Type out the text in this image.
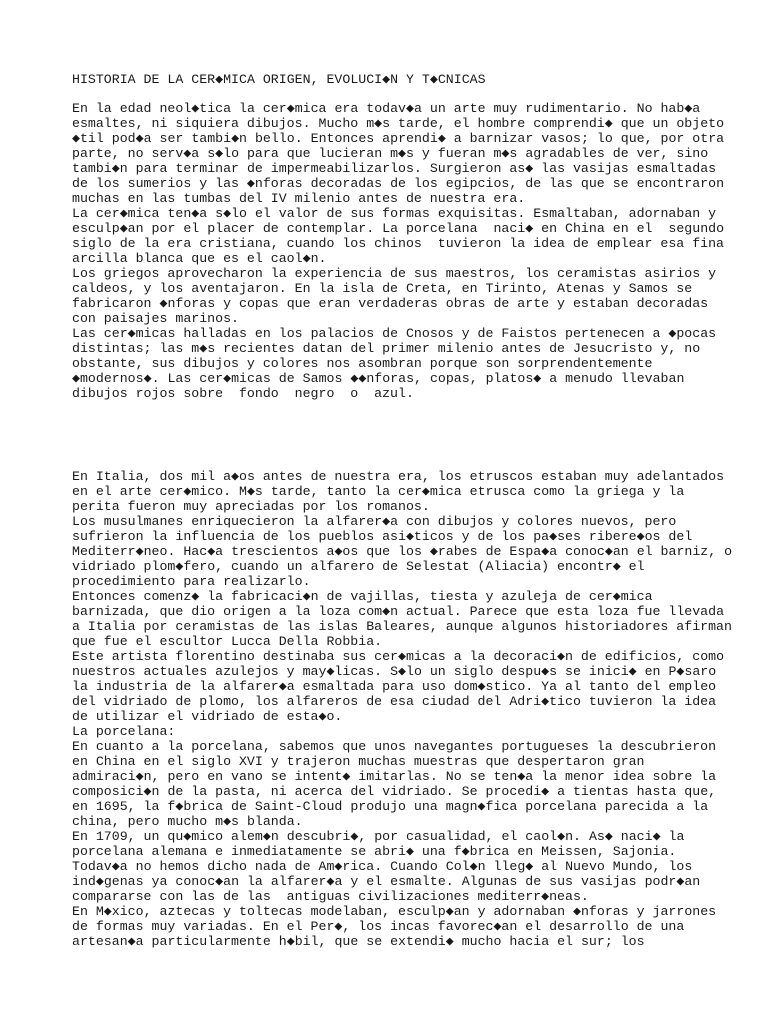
HISTORIA DE LA CER◆MICA ORIGEN, EVOLUCI◆N Y T◆CNICAS

En la edad neol◆tica la cer◆mica era todav◆a un arte muy rudimentario. No hab◆a
esmaltes, ni siquiera dibujos. Mucho m◆s tarde, el hombre comprendi◆ que un objeto
◆til pod◆a ser tambi◆n bello. Entonces aprendi◆ a barnizar vasos; lo que, por otra
parte, no serv◆a s◆lo para que lucieran m◆s y fueran m◆s agradables de ver, sino
tambi◆n para terminar de impermeabilizarlos. Surgieron as◆ las vasijas esmaltadas
de los sumerios y las ◆nforas decoradas de los egipcios, de las que se encontraron
muchas en las tumbas del IV milenio antes de nuestra era.
La cer◆mica ten◆a s◆lo el valor de sus formas exquisitas. Esmaltaban, adornaban y
esculp◆an por el placer de contemplar. La porcelana  naci◆ en China en el  segundo
siglo de la era cristiana, cuando los chinos  tuvieron la idea de emplear esa fina
arcilla blanca que es el caol◆n.
Los griegos aprovecharon la experiencia de sus maestros, los ceramistas asirios y
caldeos, y los aventajaron. En la isla de Creta, en Tirinto, Atenas y Samos se
fabricaron ◆nforas y copas que eran verdaderas obras de arte y estaban decoradas
con paisajes marinos.
Las cer◆micas halladas en los palacios de Cnosos y de Faistos pertenecen a ◆pocas
distintas; las m◆s recientes datan del primer milenio antes de Jesucristo y, no
obstante, sus dibujos y colores nos asombran porque son sorprendentemente
◆modernos◆. Las cer◆micas de Samos ◆◆nforas, copas, platos◆ a menudo llevaban
dibujos rojos sobre  fondo  negro  o  azul.

En Italia, dos mil a◆os antes de nuestra era, los etruscos estaban muy adelantados
en el arte cer◆mico. M◆s tarde, tanto la cer◆mica etrusca como la griega y la
perita fueron muy apreciadas por los romanos.
Los musulmanes enriquecieron la alfarer◆a con dibujos y colores nuevos, pero
sufrieron la influencia de los pueblos asi◆ticos y de los pa◆ses ribere◆os del
Mediterr◆neo. Hac◆a trescientos a◆os que los ◆rabes de Espa◆a conoc◆an el barniz, o
vidriado plom◆fero, cuando un alfarero de Selestat (Aliacia) encontr◆ el
procedimiento para realizarlo.
Entonces comenz◆ la fabricaci◆n de vajillas, tiesta y azuleja de cer◆mica
barnizada, que dio origen a la loza com◆n actual. Parece que esta loza fue llevada
a Italia por ceramistas de las islas Baleares, aunque algunos historiadores afirman
que fue el escultor Lucca Della Robbia.
Este artista florentino destinaba sus cer◆micas a la decoraci◆n de edificios, como
nuestros actuales azulejos y may◆licas. S◆lo un siglo despu◆s se inici◆ en P◆saro
la industria de la alfarer◆a esmaltada para uso dom◆stico. Ya al tanto del empleo
del vidriado de plomo, los alfareros de esa ciudad del Adri◆tico tuvieron la idea
de utilizar el vidriado de esta◆o.
La porcelana:
En cuanto a la porcelana, sabemos que unos navegantes portugueses la descubrieron
en China en el siglo XVI y trajeron muchas muestras que despertaron gran
admiraci◆n, pero en vano se intent◆ imitarlas. No se ten◆a la menor idea sobre la
composici◆n de la pasta, ni acerca del vidriado. Se procedi◆ a tientas hasta que,
en 1695, la f◆brica de Saint-Cloud produjo una magn◆fica porcelana parecida a la
china, pero mucho m◆s blanda.
En 1709, un qu◆mico alem◆n descubri◆, por casualidad, el caol◆n. As◆ naci◆ la
porcelana alemana e inmediatamente se abri◆ una f◆brica en Meissen, Sajonia.
Todav◆a no hemos dicho nada de Am◆rica. Cuando Col◆n lleg◆ al Nuevo Mundo, los
ind◆genas ya conoc◆an la alfarer◆a y el esmalte. Algunas de sus vasijas podr◆an
compararse con las de las  antiguas civilizaciones mediterr◆neas.
En M◆xico, aztecas y toltecas modelaban, esculp◆an y adornaban ◆nforas y jarrones
de formas muy variadas. En el Per◆, los incas favorec◆an el desarrollo de una
artesan◆a particularmente h◆bil, que se extendi◆ mucho hacia el sur; los
